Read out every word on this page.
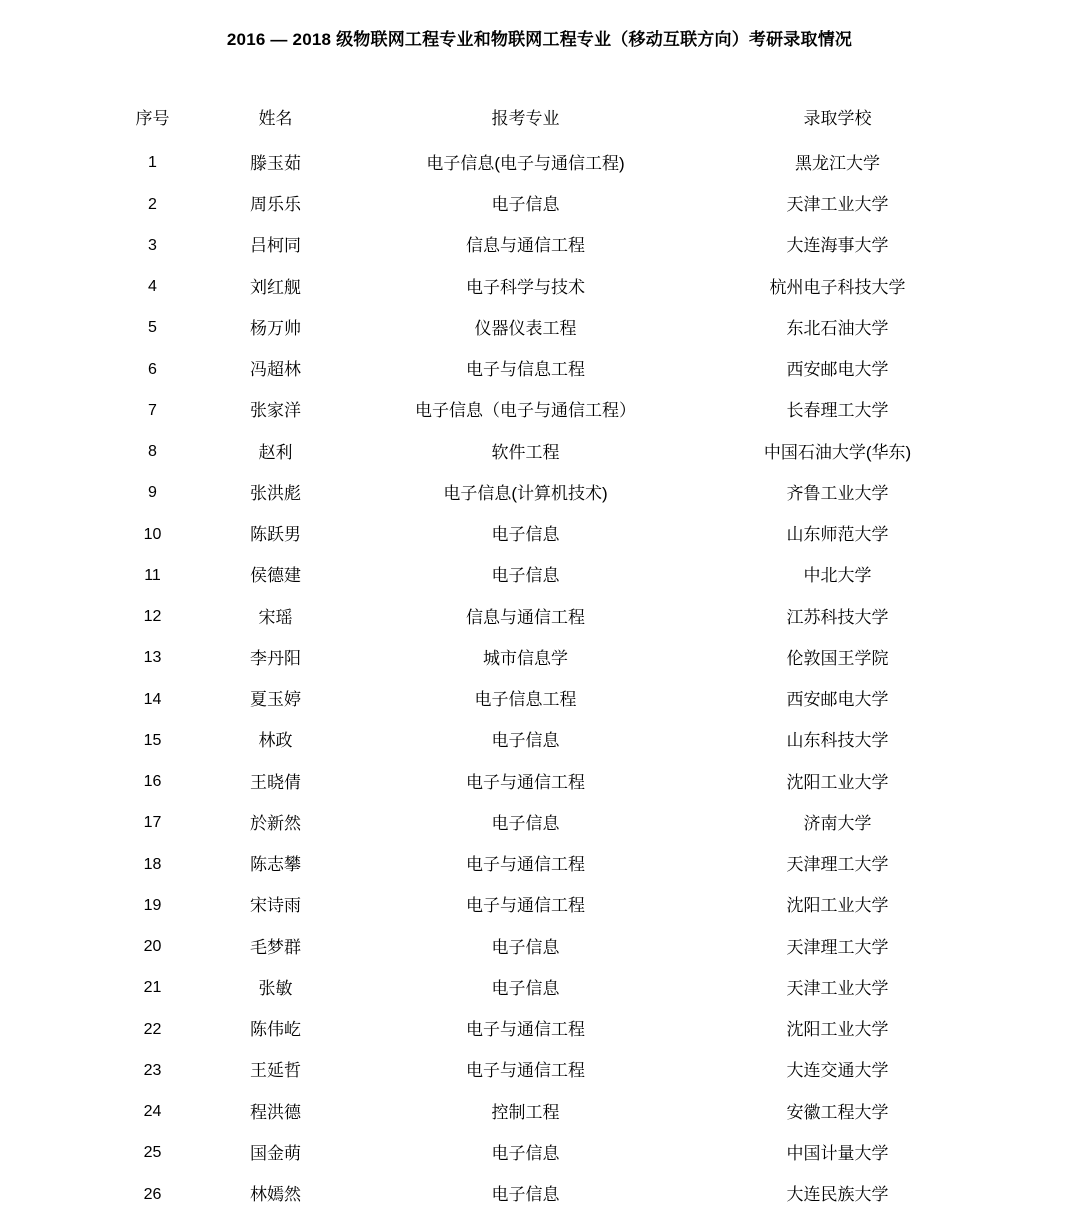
2016 — 2018 级物联网工程专业和物联网工程专业（移动互联方向）考研录取情况
序号	姓名	报考专业	录取学校
1	滕玉茹	电子信息(电子与通信工程)	黑龙江大学
2	周乐乐	电子信息	天津工业大学
3	吕柯同	信息与通信工程	大连海事大学
4	刘红舰	电子科学与技术	杭州电子科技大学
5	杨万帅	仪器仪表工程	东北石油大学
6	冯超林	电子与信息工程	西安邮电大学
7	张家洋	电子信息（电子与通信工程）	长春理工大学
8	赵利	软件工程	中国石油大学(华东)
9	张洪彪	电子信息(计算机技术)	齐鲁工业大学
10	陈跃男	电子信息	山东师范大学
11	侯德建	电子信息	中北大学
12	宋瑶	信息与通信工程	江苏科技大学
13	李丹阳	城市信息学	伦敦国王学院
14	夏玉婷	电子信息工程	西安邮电大学
15	林政	电子信息	山东科技大学
16	王晓倩	电子与通信工程	沈阳工业大学
17	於新然	电子信息	济南大学
18	陈志攀	电子与通信工程	天津理工大学
19	宋诗雨	电子与通信工程	沈阳工业大学
20	毛梦群	电子信息	天津理工大学
21	张敏	电子信息	天津工业大学
22	陈伟屹	电子与通信工程	沈阳工业大学
23	王延哲	电子与通信工程	大连交通大学
24	程洪德	控制工程	安徽工程大学
25	国金萌	电子信息	中国计量大学
26	林嫣然	电子信息	大连民族大学
